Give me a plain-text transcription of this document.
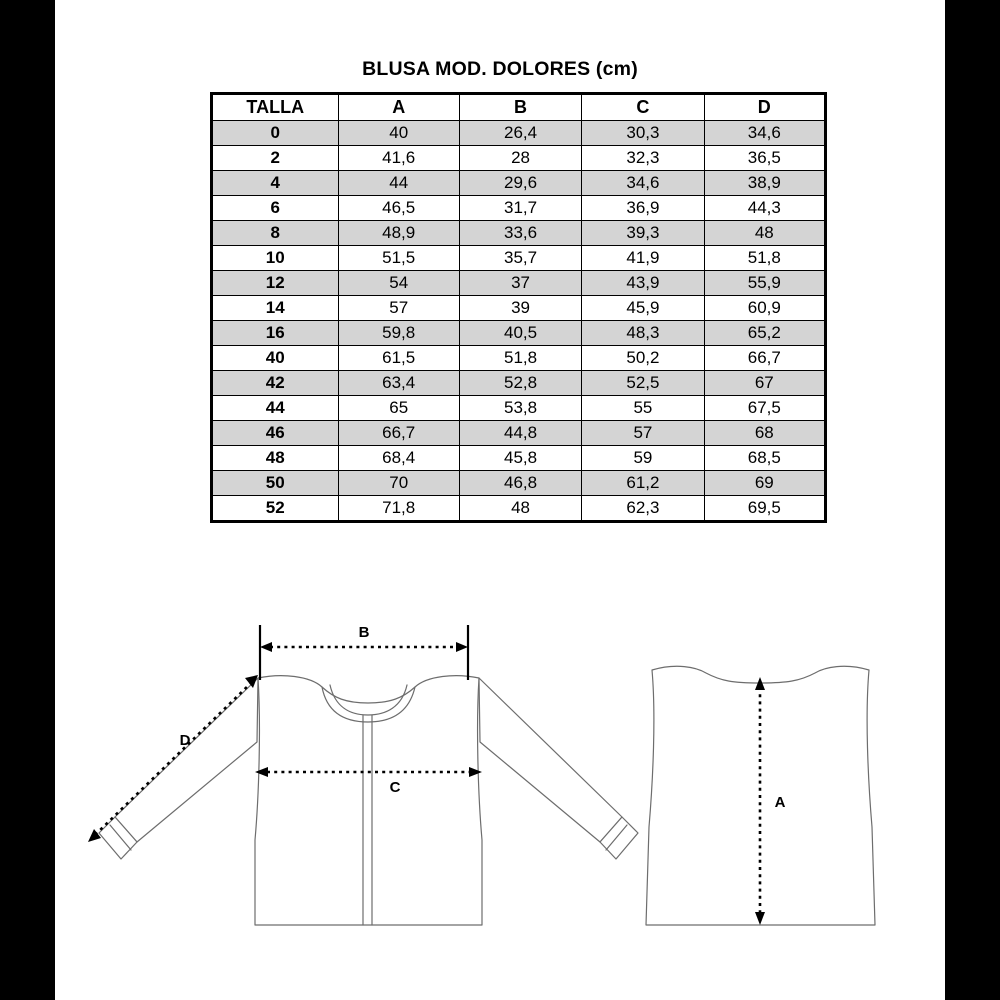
BLUSA MOD. DOLORES (cm)
TALLA	A	B	C	D
0	40	26,4	30,3	34,6
2	41,6	28	32,3	36,5
4	44	29,6	34,6	38,9
6	46,5	31,7	36,9	44,3
8	48,9	33,6	39,3	48
10	51,5	35,7	41,9	51,8
12	54	37	43,9	55,9
14	57	39	45,9	60,9
16	59,8	40,5	48,3	65,2
40	61,5	51,8	50,2	66,7
42	63,4	52,8	52,5	67
44	65	53,8	55	67,5
46	66,7	44,8	57	68
48	68,4	45,8	59	68,5
50	70	46,8	61,2	69
52	71,8	48	62,3	69,5
B
C
D
A
